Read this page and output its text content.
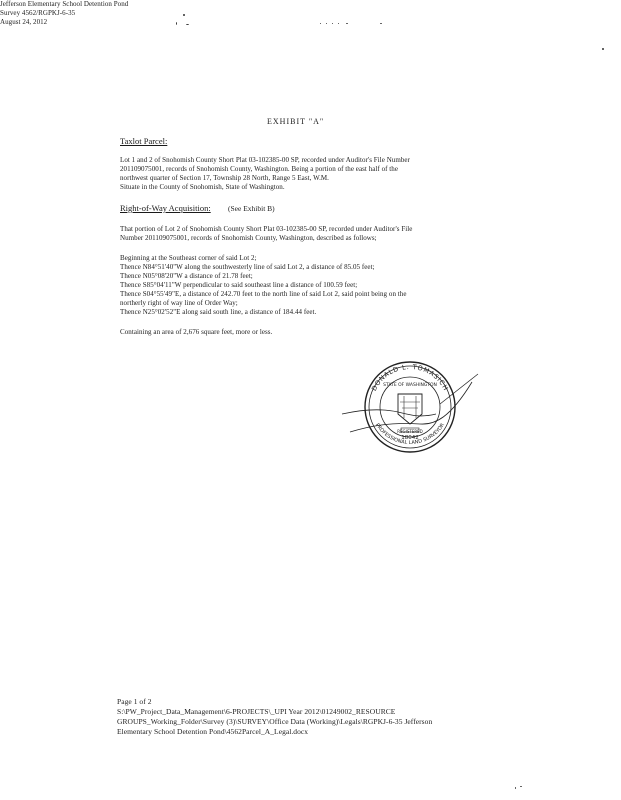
Jefferson Elementary School Detention Pond
Survey 4562/RGPKJ-6-35
August 24, 2012
EXHIBIT "A"
Taxlot Parcel:
Lot 1 and 2 of Snohomish County Short Plat 03-102385-00 SP, recorded under Auditor's File Number
201109075001, records of Snohomish County, Washington. Being a portion of the east half of the
northwest quarter of Section 17, Township 28 North, Range 5 East, W.M.
Situate in the County of Snohomish, State of Washington.
Right-of-Way Acquisition: (See Exhibit B)
That portion of Lot 2 of Snohomish County Short Plat 03-102385-00 SP, recorded under Auditor's File
Number 201109075001, records of Snohomish County, Washington, described as follows;
Beginning at the Southeast corner of said Lot 2;
Thence N84°51'40"W along the southwesterly line of said Lot 2, a distance of 85.05 feet;
Thence N05°08'20"W a distance of 21.78 feet;
Thence S85°04'11"W perpendicular to said southeast line a distance of 100.59 feet;
Thence S04°55'49"E, a distance of 242.70 feet to the north line of said Lot 2, said point being on the
northerly right of way line of Order Way;
Thence N25°02'52"E along said south line, a distance of 184.44 feet.
Containing an area of 2,676 square feet, more or less.
DONALD L. TOMASICH
PROFESSIONAL LAND SURVEYOR
STATE OF WASHINGTON
18042
REGISTERED
Page 1 of 2
S:\PW_Project_Data_Management\6-PROJECTS\_UPI Year 2012\01249002_RESOURCE
GROUPS_Working_Folder\Survey (3)\SURVEY\Office Data (Working)\Legals\RGPKJ-6-35 Jefferson
Elementary School Detention Pond\4562Parcel_A_Legal.docx
